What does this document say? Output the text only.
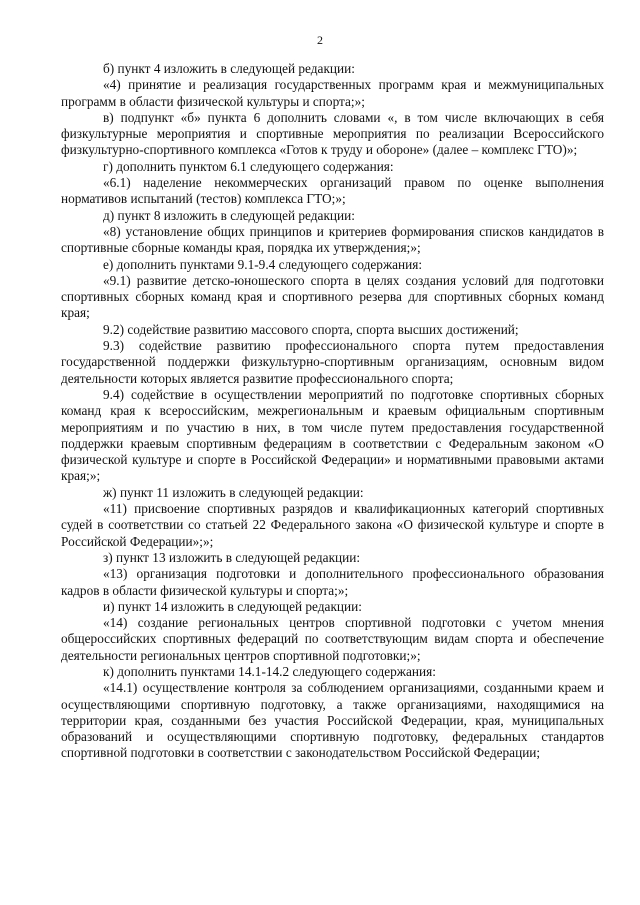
2

б) пункт 4 изложить в следующей редакции:

«4) принятие и реализация государственных программ края и межмуниципальных программ в области физической культуры и спорта;»;

в) подпункт «б» пункта 6 дополнить словами «, в том числе включающих в себя физкультурные мероприятия и спортивные мероприятия по реализации Всероссийского физкультурно-спортивного комплекса «Готов к труду и обороне» (далее – комплекс ГТО)»;

г) дополнить пунктом 6.1 следующего содержания:

«6.1) наделение некоммерческих организаций правом по оценке выполнения нормативов испытаний (тестов) комплекса ГТО;»;

д) пункт 8 изложить в следующей редакции:

«8) установление общих принципов и критериев формирования списков кандидатов в спортивные сборные команды края, порядка их утверждения;»;

е) дополнить пунктами 9.1-9.4 следующего содержания:

«9.1) развитие детско-юношеского спорта в целях создания условий для подготовки спортивных сборных команд края и спортивного резерва для спортивных сборных команд края;

9.2) содействие развитию массового спорта, спорта высших достижений;

9.3) содействие развитию профессионального спорта путем предоставления государственной поддержки физкультурно-спортивным организациям, основным видом деятельности которых является развитие профессионального спорта;

9.4) содействие в осуществлении мероприятий по подготовке спортивных сборных команд края к всероссийским, межрегиональным и краевым официальным спортивным мероприятиям и по участию в них, в том числе путем предоставления государственной поддержки краевым спортивным федерациям в соответствии с Федеральным законом «О физической культуре и спорте в Российской Федерации» и нормативными правовыми актами края;»;

ж) пункт 11 изложить в следующей редакции:

«11) присвоение спортивных разрядов и квалификационных категорий спортивных судей в соответствии со статьей 22 Федерального закона «О физической культуре и спорте в Российской Федерации»;»;

з) пункт 13 изложить в следующей редакции:

«13) организация подготовки и дополнительного профессионального образования кадров в области физической культуры и спорта;»;

и) пункт 14 изложить в следующей редакции:

«14) создание региональных центров спортивной подготовки с учетом мнения общероссийских спортивных федераций по соответствующим видам спорта и обеспечение деятельности региональных центров спортивной подготовки;»;

к) дополнить пунктами 14.1-14.2 следующего содержания:

«14.1) осуществление контроля за соблюдением организациями, созданными краем и осуществляющими спортивную подготовку, а также организациями, находящимися на территории края, созданными без участия Российской Федерации, края, муниципальных образований и осуществляющими спортивную подготовку, федеральных стандартов спортивной подготовки в соответствии с законодательством Российской Федерации;
